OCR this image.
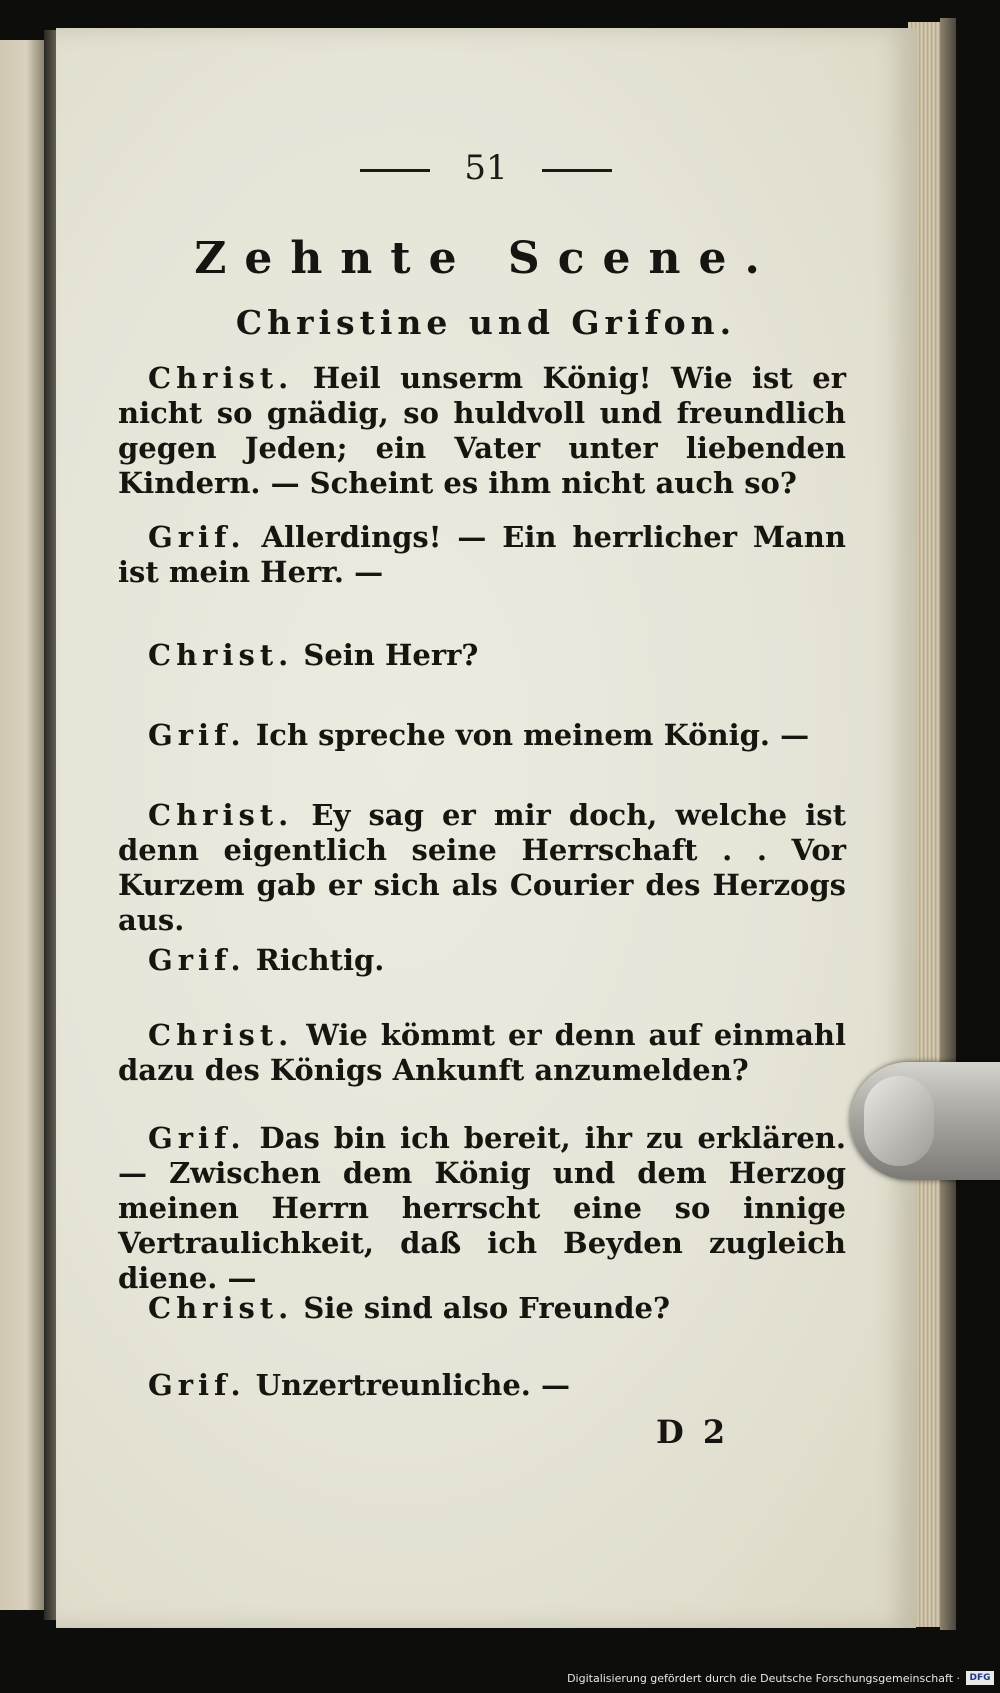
51
Zehnte Scene.
Christine und Grifon.
Christ. Heil unserm König! Wie ist er nicht so gnädig, so huldvoll und freundlich gegen Jeden; ein Vater unter liebenden Kindern. — Scheint es ihm nicht auch so?
Grif. Allerdings! — Ein herrlicher Mann ist mein Herr. —
Christ. Sein Herr?
Grif. Ich spreche von meinem König. —
Christ. Ey sag er mir doch, welche ist denn eigentlich seine Herrschaft . . Vor Kurzem gab er sich als Courier des Herzogs aus.
Grif. Richtig.
Christ. Wie kömmt er denn auf einmahl dazu des Königs Ankunft anzumelden?
Grif. Das bin ich bereit, ihr zu erklären. — Zwischen dem König und dem Herzog meinen Herrn herrscht eine so innige Vertraulichkeit, daß ich Beyden zugleich diene. —
Christ. Sie sind also Freunde?
Grif. Unzertreunliche. —
D 2
Digitalisierung gefördert durch die Deutsche Forschungsgemeinschaft ·	DFG
